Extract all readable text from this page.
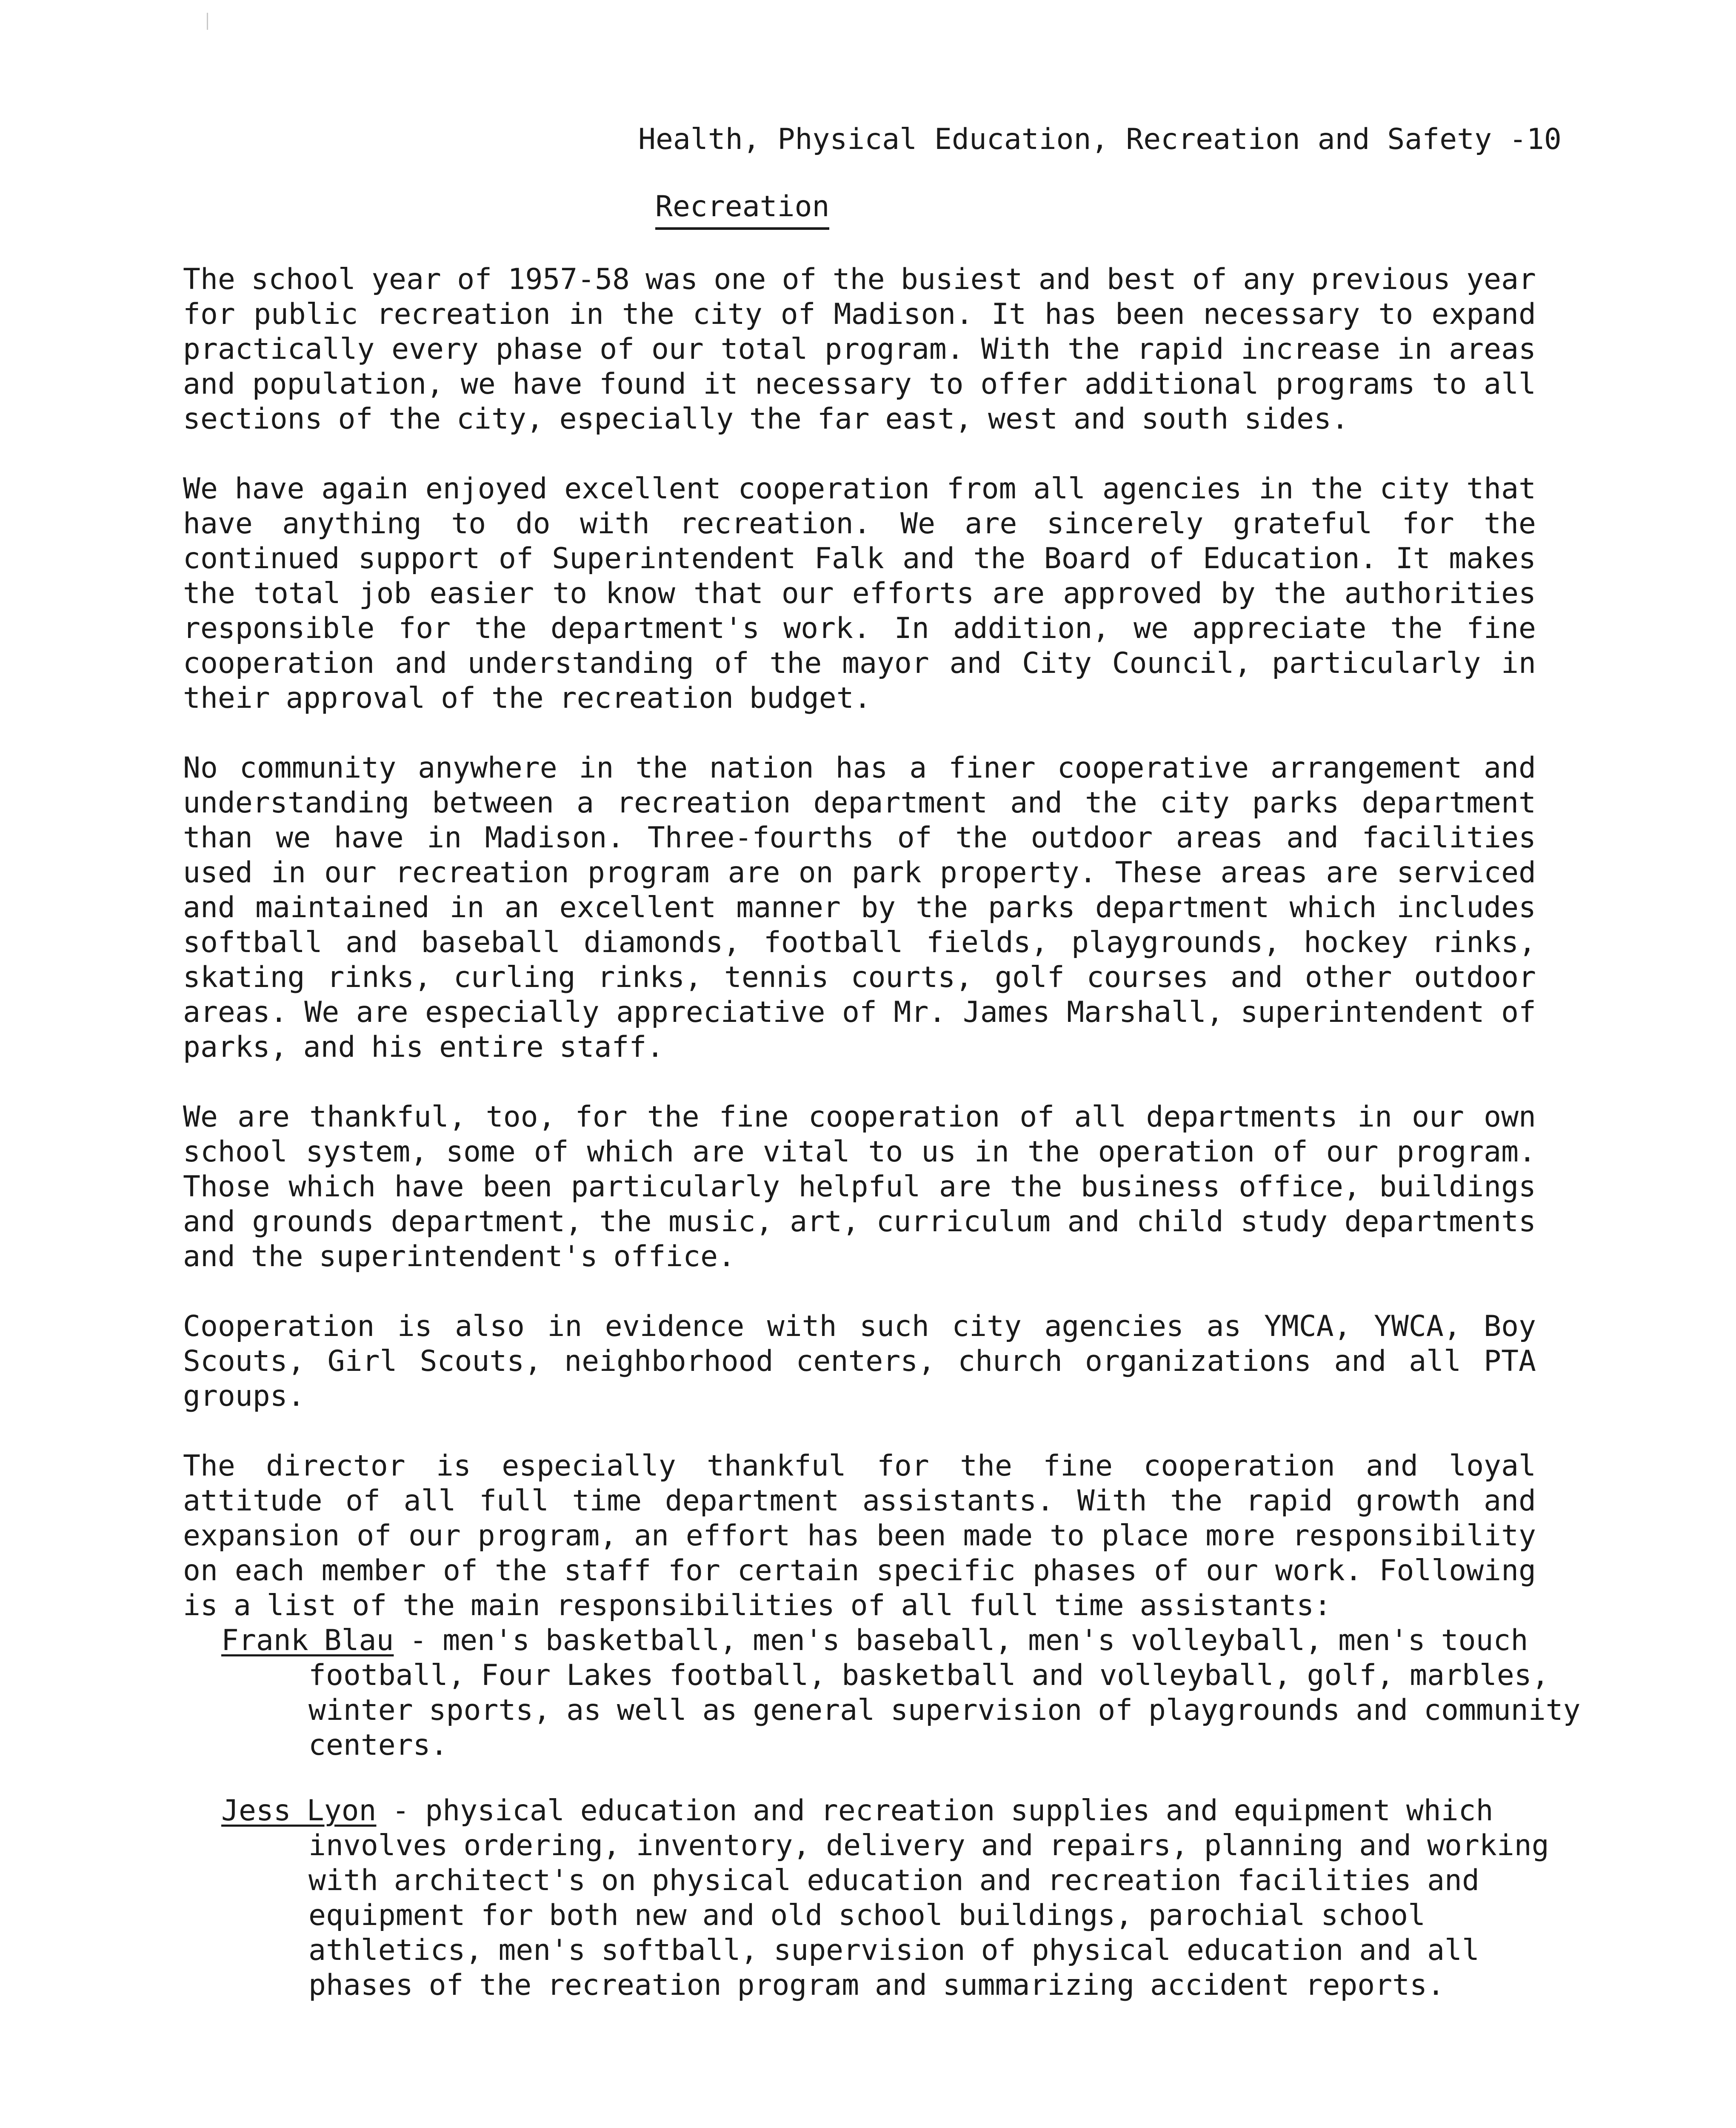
Health, Physical Education, Recreation and Safety -10
Recreation

The school year of 1957-58 was one of the busiest and best of any previous year for public recreation in the city of Madison. It has been necessary to expand practically every phase of our total program. With the rapid increase in areas and population, we have found it necessary to offer additional programs to all sections of the city, especially the far east, west and south sides.

We have again enjoyed excellent cooperation from all agencies in the city that have anything to do with recreation. We are sincerely grateful for the continued support of Superintendent Falk and the Board of Education. It makes the total job easier to know that our efforts are approved by the authorities responsible for the department's work. In addition, we appreciate the fine cooperation and understanding of the mayor and City Council, particularly in their approval of the recreation budget.

No community anywhere in the nation has a finer cooperative arrangement and understanding between a recreation department and the city parks department than we have in Madison. Three-fourths of the outdoor areas and facilities used in our recreation program are on park property. These areas are serviced and maintained in an excellent manner by the parks department which includes softball and baseball diamonds, football fields, playgrounds, hockey rinks, skating rinks, curling rinks, tennis courts, golf courses and other outdoor areas. We are especially appreciative of Mr. James Marshall, superintendent of parks, and his entire staff.

We are thankful, too, for the fine cooperation of all departments in our own school system, some of which are vital to us in the operation of our program. Those which have been particularly helpful are the business office, buildings and grounds department, the music, art, curriculum and child study departments and the superintendent's office.

Cooperation is also in evidence with such city agencies as YMCA, YWCA, Boy Scouts, Girl Scouts, neighborhood centers, church organizations and all PTA groups.

The director is especially thankful for the fine cooperation and loyal attitude of all full time department assistants. With the rapid growth and expansion of our program, an effort has been made to place more responsibility on each member of the staff for certain specific phases of our work. Following is a list of the main responsibilities of all full time assistants:

Frank Blau - men's basketball, men's baseball, men's volleyball, men's touch football, Four Lakes football, basketball and volleyball, golf, marbles, winter sports, as well as general supervision of playgrounds and community centers.

Jess Lyon - physical education and recreation supplies and equipment which involves ordering, inventory, delivery and repairs, planning and working with architect's on physical education and recreation facilities and equipment for both new and old school buildings, parochial school athletics, men's softball, supervision of physical education and all phases of the recreation program and summarizing accident reports.
